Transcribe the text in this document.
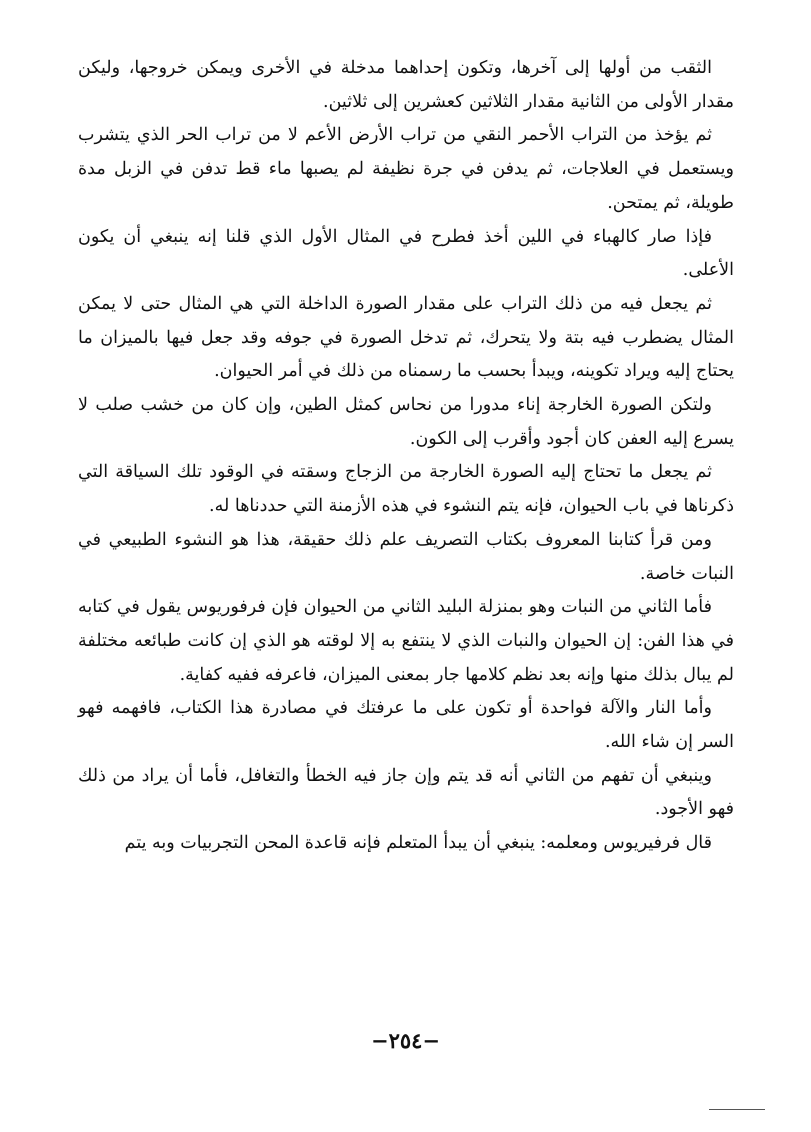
الثقب من أولها إلى آخرها، وتكون إحداهما مدخلة في الأخرى ويمكن خروجها، وليكن مقدار الأولى من الثانية مقدار الثلاثين كعشرين إلى ثلاثين.

ثم يؤخذ من التراب الأحمر النقي من تراب الأرض الأعم لا من تراب الحر الذي يتشرب ويستعمل في العلاجات، ثم يدفن في جرة نظيفة لم يصبها ماء قط تدفن في الزبل مدة طويلة، ثم يمتحن.

فإذا صار كالهباء في اللين أخذ فطرح في المثال الأول الذي قلنا إنه ينبغي أن يكون الأعلى.

ثم يجعل فيه من ذلك التراب على مقدار الصورة الداخلة التي هي المثال حتى لا يمكن المثال يضطرب فيه بتة ولا يتحرك، ثم تدخل الصورة في جوفه وقد جعل فيها بالميزان ما يحتاج إليه ويراد تكوينه، ويبدأ بحسب ما رسمناه من ذلك في أمر الحيوان.

ولتكن الصورة الخارجة إناء مدورا من نحاس كمثل الطين، وإن كان من خشب صلب لا يسرع إليه العفن كان أجود وأقرب إلى الكون.

ثم يجعل ما تحتاج إليه الصورة الخارجة من الزجاج وسقته في الوقود تلك السياقة التي ذكرناها في باب الحيوان، فإنه يتم النشوء في هذه الأزمنة التي حددناها له.

ومن قرأ كتابنا المعروف بكتاب التصريف علم ذلك حقيقة، هذا هو النشوء الطبيعي في النبات خاصة.

فأما الثاني من النبات وهو بمنزلة البليد الثاني من الحيوان فإن فرفوريوس يقول في كتابه في هذا الفن: إن الحيوان والنبات الذي لا ينتفع به إلا لوقته هو الذي إن كانت طبائعه مختلفة لم يبال بذلك منها وإنه بعد نظم كلامها جار بمعنى الميزان، فاعرفه ففيه كفاية.

وأما النار والآلة فواحدة أو تكون على ما عرفتك في مصادرة هذا الكتاب، فافهمه فهو السر إن شاء الله.

وينبغي أن تفهم من الثاني أنه قد يتم وإن جاز فيه الخطأ والتغافل، فأما أن يراد من ذلك فهو الأجود.

قال فرفيريوس ومعلمه: ينبغي أن يبدأ المتعلم فإنه قاعدة المحن التجربيات وبه يتم

−٢٥٤−
